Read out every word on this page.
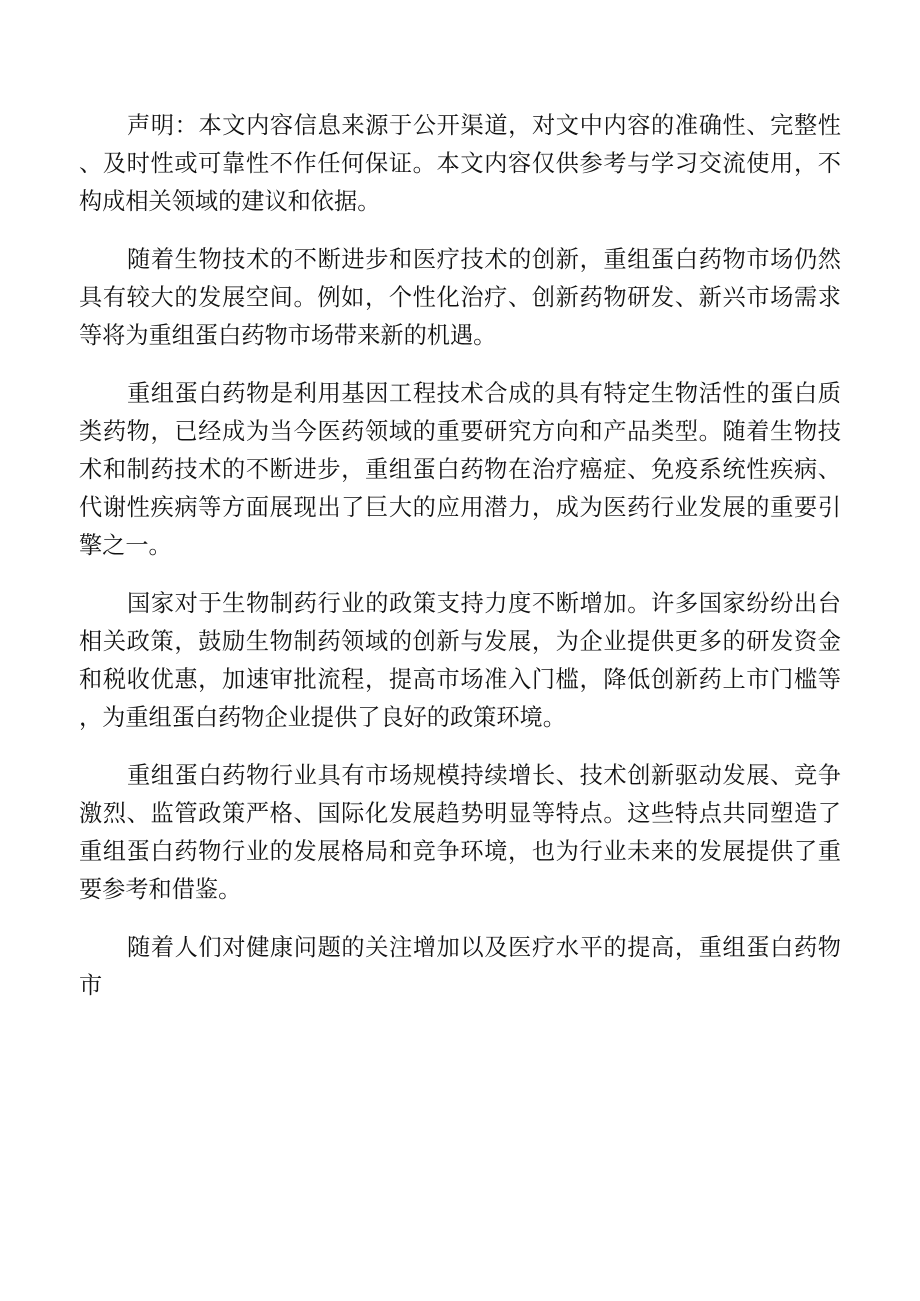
声明：本文内容信息来源于公开渠道，对文中内容的准确性、完整性、及时性或可靠性不作任何保证。本文内容仅供参考与学习交流使用，不构成相关领域的建议和依据。

随着生物技术的不断进步和医疗技术的创新，重组蛋白药物市场仍然具有较大的发展空间。例如，个性化治疗、创新药物研发、新兴市场需求等将为重组蛋白药物市场带来新的机遇。

重组蛋白药物是利用基因工程技术合成的具有特定生物活性的蛋白质类药物，已经成为当今医药领域的重要研究方向和产品类型。随着生物技术和制药技术的不断进步，重组蛋白药物在治疗癌症、免疫系统性疾病、代谢性疾病等方面展现出了巨大的应用潜力，成为医药行业发展的重要引擎之一。

国家对于生物制药行业的政策支持力度不断增加。许多国家纷纷出台相关政策，鼓励生物制药领域的创新与发展，为企业提供更多的研发资金和税收优惠，加速审批流程，提高市场准入门槛，降低创新药上市门槛等，为重组蛋白药物企业提供了良好的政策环境。

重组蛋白药物行业具有市场规模持续增长、技术创新驱动发展、竞争激烈、监管政策严格、国际化发展趋势明显等特点。这些特点共同塑造了重组蛋白药物行业的发展格局和竞争环境，也为行业未来的发展提供了重要参考和借鉴。

随着人们对健康问题的关注增加以及医疗水平的提高，重组蛋白药物市
